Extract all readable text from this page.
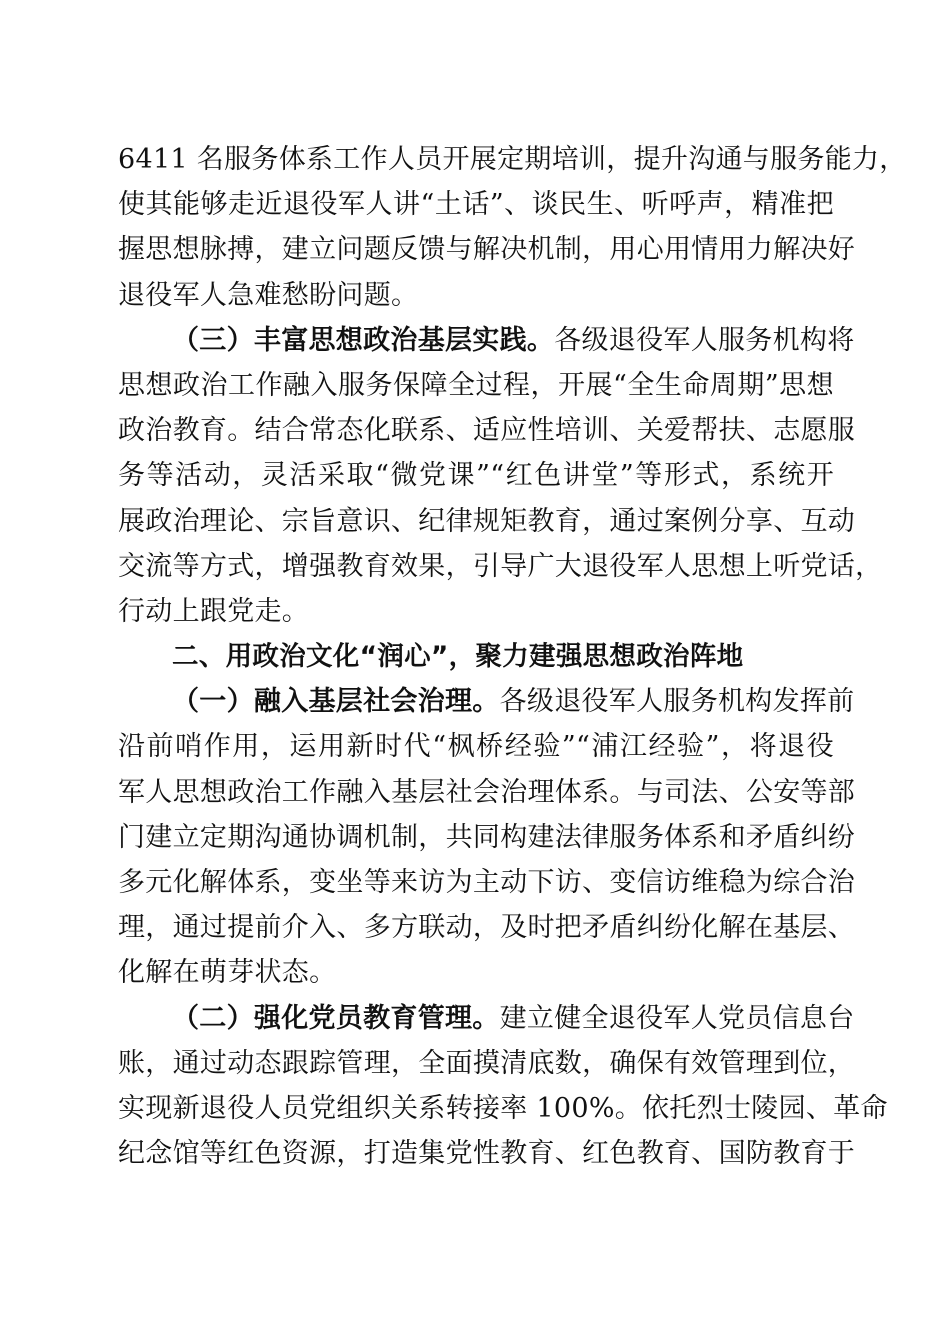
6411 名服务体系工作人员开展定期培训，提升沟通与服务能力，
使其能够走近退役军人讲“土话”、谈民生、听呼声，精准把
握思想脉搏，建立问题反馈与解决机制，用心用情用力解决好
退役军人急难愁盼问题。
（三）丰富思想政治基层实践。各级退役军人服务机构将
思想政治工作融入服务保障全过程，开展“全生命周期”思想
政治教育。结合常态化联系、适应性培训、关爱帮扶、志愿服
务等活动，灵活采取“微党课”“红色讲堂”等形式，系统开
展政治理论、宗旨意识、纪律规矩教育，通过案例分享、互动
交流等方式，增强教育效果，引导广大退役军人思想上听党话，
行动上跟党走。
二、用政治文化“润心”，聚力建强思想政治阵地
（一）融入基层社会治理。各级退役军人服务机构发挥前
沿前哨作用，运用新时代“枫桥经验”“浦江经验”，将退役
军人思想政治工作融入基层社会治理体系。与司法、公安等部
门建立定期沟通协调机制，共同构建法律服务体系和矛盾纠纷
多元化解体系，变坐等来访为主动下访、变信访维稳为综合治
理，通过提前介入、多方联动，及时把矛盾纠纷化解在基层、
化解在萌芽状态。
（二）强化党员教育管理。建立健全退役军人党员信息台
账，通过动态跟踪管理，全面摸清底数，确保有效管理到位，
实现新退役人员党组织关系转接率 100%。依托烈士陵园、革命
纪念馆等红色资源，打造集党性教育、红色教育、国防教育于
